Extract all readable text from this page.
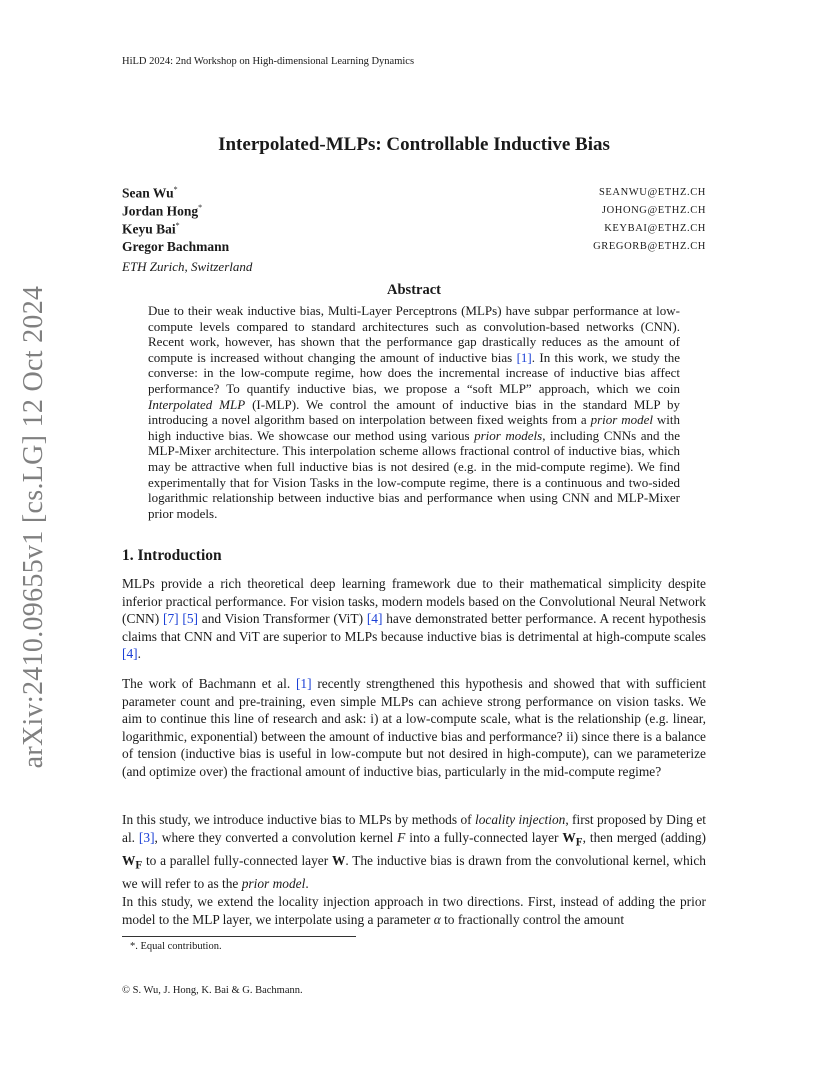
HiLD 2024: 2nd Workshop on High-dimensional Learning Dynamics
Interpolated-MLPs: Controllable Inductive Bias
Sean Wu*	SEANWU@ETHZ.CH
Jordan Hong*	JOHONG@ETHZ.CH
Keyu Bai*	KEYBAI@ETHZ.CH
Gregor Bachmann	GREGORB@ETHZ.CH
ETH Zurich, Switzerland
Abstract
Due to their weak inductive bias, Multi-Layer Perceptrons (MLPs) have subpar performance at low-compute levels compared to standard architectures such as convolution-based networks (CNN). Recent work, however, has shown that the performance gap drastically reduces as the amount of compute is increased without changing the amount of inductive bias [1]. In this work, we study the converse: in the low-compute regime, how does the incremental increase of inductive bias affect performance? To quantify inductive bias, we propose a “soft MLP” approach, which we coin Interpolated MLP (I-MLP). We control the amount of inductive bias in the standard MLP by introducing a novel algorithm based on interpolation between fixed weights from a prior model with high inductive bias. We showcase our method using various prior models, including CNNs and the MLP-Mixer architecture. This interpolation scheme allows fractional control of inductive bias, which may be attractive when full inductive bias is not desired (e.g. in the mid-compute regime). We find experimentally that for Vision Tasks in the low-compute regime, there is a continuous and two-sided logarithmic relationship between inductive bias and performance when using CNN and MLP-Mixer prior models.
1. Introduction

MLPs provide a rich theoretical deep learning framework due to their mathematical simplicity despite inferior practical performance. For vision tasks, modern models based on the Convolutional Neural Network (CNN) [7] [5] and Vision Transformer (ViT) [4] have demonstrated better performance. A recent hypothesis claims that CNN and ViT are superior to MLPs because inductive bias is detrimental at high-compute scales [4].

The work of Bachmann et al. [1] recently strengthened this hypothesis and showed that with sufficient parameter count and pre-training, even simple MLPs can achieve strong performance on vision tasks. We aim to continue this line of research and ask: i) at a low-compute scale, what is the relationship (e.g. linear, logarithmic, exponential) between the amount of inductive bias and performance? ii) since there is a balance of tension (inductive bias is useful in low-compute but not desired in high-compute), can we parameterize (and optimize over) the fractional amount of inductive bias, particularly in the mid-compute regime?

In this study, we introduce inductive bias to MLPs by methods of locality injection, first proposed by Ding et al. [3], where they converted a convolution kernel F into a fully-connected layer $W_F$, then merged (adding) $W_F$ to a parallel fully-connected layer W. The inductive bias is drawn from the convolutional kernel, which we will refer to as the prior model.

In this study, we extend the locality injection approach in two directions. First, instead of adding the prior model to the MLP layer, we interpolate using a parameter α to fractionally control the amount

*. Equal contribution.
© S. Wu, J. Hong, K. Bai & G. Bachmann.
arXiv:2410.09655v1 [cs.LG] 12 Oct 2024
